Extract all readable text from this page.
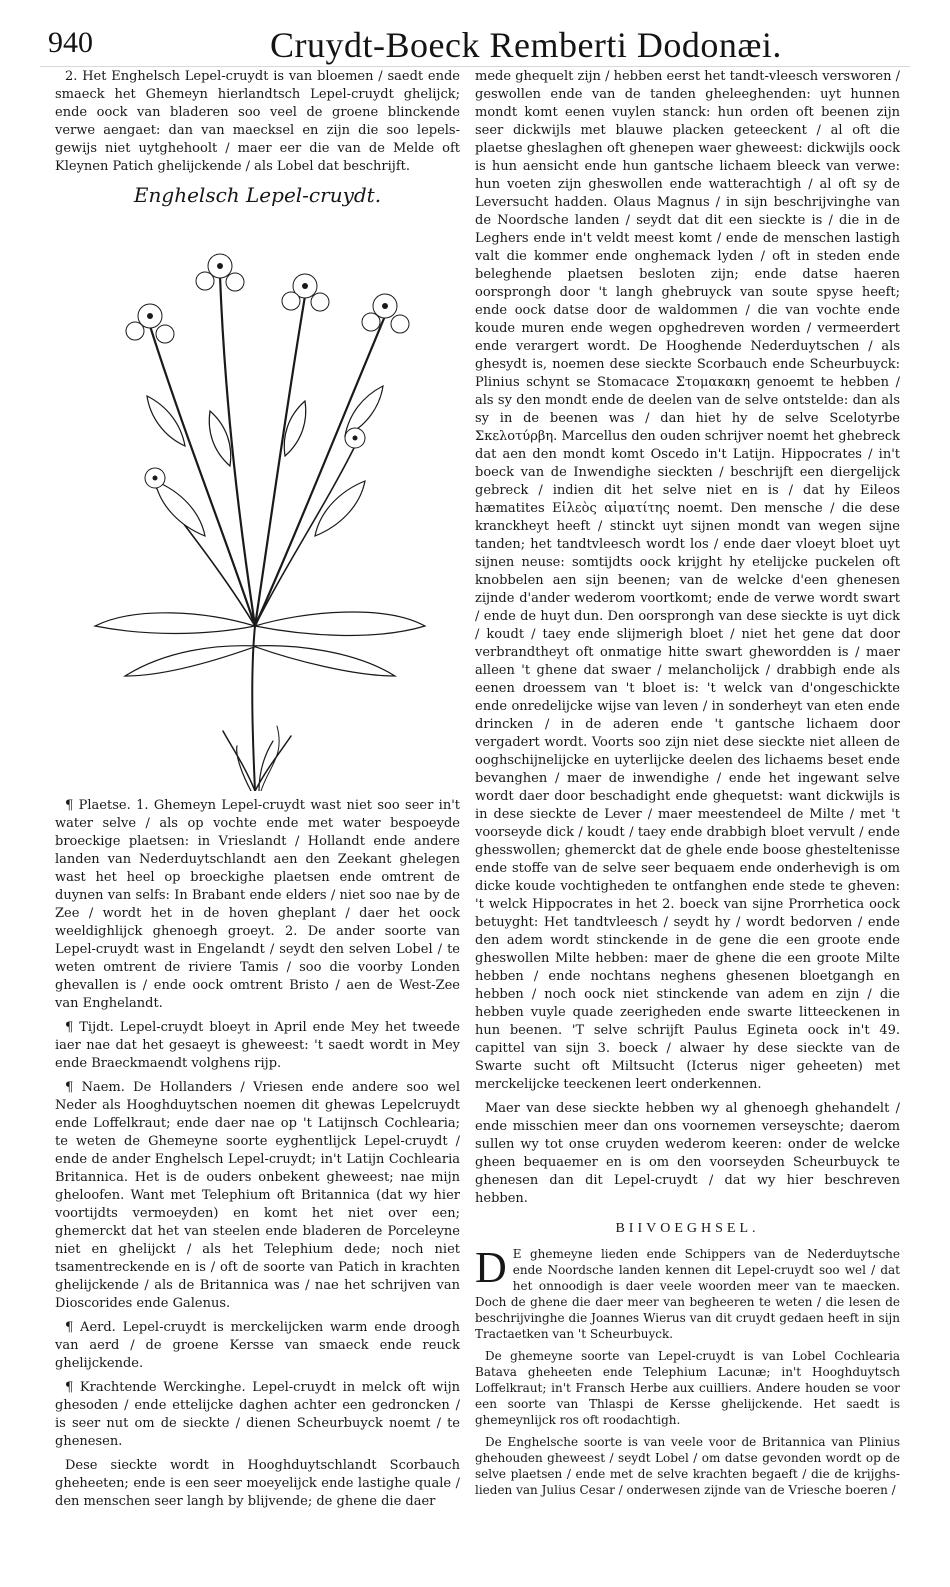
940	Cruydt-Boeck Remberti Dodonæi.

2. Het Enghelsch Lepel-cruydt is van bloemen / saedt ende smaeck het Ghemeyn hierlandtsch Lepel-cruydt ghelijck; ende oock van bladeren soo veel de groene blinckende verwe aengaet: dan van maecksel en zijn die soo lepels-gewijs niet uytghehoolt / maer eer die van de Melde oft Kleynen Patich ghelijckende / als Lobel dat beschrijft.

Enghelsch Lepel-cruydt.

¶ Plaetse. 1. Ghemeyn Lepel-cruydt wast niet soo seer in't water selve / als op vochte ende met water bespoeyde broeckige plaetsen: in Vrieslandt / Hollandt ende andere landen van Nederduytschlandt aen den Zeekant ghelegen wast het heel op broeckighe plaetsen ende omtrent de duynen van selfs: In Brabant ende elders / niet soo nae by de Zee / wordt het in de hoven gheplant / daer het oock weeldighlijck ghenoegh groeyt. 2. De ander soorte van Lepel-cruydt wast in Engelandt / seydt den selven Lobel / te weten omtrent de riviere Tamis / soo die voorby Londen ghevallen is / ende oock omtrent Bristo / aen de West-Zee van Enghelandt.

¶ Tijdt. Lepel-cruydt bloeyt in April ende Mey het tweede iaer nae dat het gesaeyt is gheweest: 't saedt wordt in Mey ende Braeckmaendt volghens rijp.

¶ Naem. De Hollanders / Vriesen ende andere soo wel Neder als Hooghduytschen noemen dit ghewas Lepelcruydt ende Loffelkraut; ende daer nae op 't Latijnsch Cochlearia; te weten de Ghemeyne soorte eyghentlijck Lepel-cruydt / ende de ander Enghelsch Lepel-cruydt; in't Latijn Cochlearia Britannica. Het is de ouders onbekent gheweest; nae mijn gheloofen. Want met Telephium oft Britannica (dat wy hier voortijdts vermoeyden) en komt het niet over een; ghemerckt dat het van steelen ende bladeren de Porceleyne niet en ghelijckt / als het Telephium dede; noch niet tsamentreckende en is / oft de soorte van Patich in krachten ghelijckende / als de Britannica was / nae het schrijven van Dioscorides ende Galenus.

¶ Aerd. Lepel-cruydt is merckelijcken warm ende droogh van aerd / de groene Kersse van smaeck ende reuck ghelijckende.

¶ Krachtende Werckinghe. Lepel-cruydt in melck oft wijn ghesoden / ende ettelijcke daghen achter een gedroncken / is seer nut om de sieckte / dienen Scheurbuyck noemt / te ghenesen.

Dese sieckte wordt in Hooghduytschlandt Scorbauch gheheeten; ende is een seer moeyelijck ende lastighe quale / den menschen seer langh by blijvende; de ghene die daer

mede ghequelt zijn / hebben eerst het tandt-vleesch versworen / geswollen ende van de tanden gheleeghenden: uyt hunnen mondt komt eenen vuylen stanck: hun orden oft beenen zijn seer dickwijls met blauwe placken geteeckent / al oft die plaetse gheslaghen oft ghenepen waer gheweest: dickwijls oock is hun aensicht ende hun gantsche lichaem bleeck van verwe: hun voeten zijn gheswollen ende watterachtigh / al oft sy de Leversucht hadden. Olaus Magnus / in sijn beschrijvinghe van de Noordsche landen / seydt dat dit een sieckte is / die in de Leghers ende in't veldt meest komt / ende de menschen lastigh valt die kommer ende onghemack lyden / oft in steden ende beleghende plaetsen besloten zijn; ende datse haeren oorsprongh door 't langh ghebruyck van soute spyse heeft; ende oock datse door de waldommen / die van vochte ende koude muren ende wegen opghedreven worden / vermeerdert ende verargert wordt. De Hooghende Nederduytschen / als ghesydt is, noemen dese sieckte Scorbauch ende Scheurbuyck: Plinius schynt se Stomacace Στομακακη genoemt te hebben / als sy den mondt ende de deelen van de selve ontstelde: dan als sy in de beenen was / dan hiet hy de selve Scelotyrbe Σκελοτύρβη. Marcellus den ouden schrijver noemt het ghebreck dat aen den mondt komt Oscedo in't Latijn. Hippocrates / in't boeck van de Inwendighe sieckten / beschrijft een diergelijck gebreck / indien dit het selve niet en is / dat hy Eileos hæmatites Εἰλεὸς αἱματίτης noemt. Den mensche / die dese kranckheyt heeft / stinckt uyt sijnen mondt van wegen sijne tanden; het tandtvleesch wordt los / ende daer vloeyt bloet uyt sijnen neuse: somtijdts oock krijght hy etelijcke puckelen oft knobbelen aen sijn beenen; van de welcke d'een ghenesen zijnde d'ander wederom voortkomt; ende de verwe wordt swart / ende de huyt dun. Den oorsprongh van dese sieckte is uyt dick / koudt / taey ende slijmerigh bloet / niet het gene dat door verbrandtheyt oft onmatige hitte swart ghewordden is / maer alleen 't ghene dat swaer / melancholijck / drabbigh ende als eenen droessem van 't bloet is: 't welck van d'ongeschickte ende onredelijcke wijse van leven / in sonderheyt van eten ende drincken / in de aderen ende 't gantsche lichaem door vergadert wordt. Voorts soo zijn niet dese sieckte niet alleen de ooghschijnelijcke en uyterlijcke deelen des lichaems beset ende bevanghen / maer de inwendighe / ende het ingewant selve wordt daer door beschadight ende ghequetst: want dickwijls is in dese sieckte de Lever / maer meestendeel de Milte / met 't voorseyde dick / koudt / taey ende drabbigh bloet vervult / ende ghesswollen; ghemerckt dat de ghele ende boose ghesteltenisse ende stoffe van de selve seer bequaem ende onderhevigh is om dicke koude vochtigheden te ontfanghen ende stede te gheven: 't welck Hippocrates in het 2. boeck van sijne Prorrhetica oock betuyght: Het tandtvleesch / seydt hy / wordt bedorven / ende den adem wordt stinckende in de gene die een groote ende gheswollen Milte hebben: maer de ghene die een groote Milte hebben / ende nochtans neghens ghesenen bloetgangh en hebben / noch oock niet stinckende van adem en zijn / die hebben vuyle quade zeerigheden ende swarte litteeckenen in hun beenen. 'T selve schrijft Paulus Egineta oock in't 49. capittel van sijn 3. boeck / alwaer hy dese sieckte van de Swarte sucht oft Miltsucht (Icterus niger geheeten) met merckelijcke teeckenen leert onderkennen.

Maer van dese sieckte hebben wy al ghenoegh ghehandelt / ende misschien meer dan ons voornemen verseyschte; daerom sullen wy tot onse cruyden wederom keeren: onder de welcke gheen bequaemer en is om den voorseyden Scheurbuyck te ghenesen dan dit Lepel-cruydt / dat wy hier beschreven hebben.

BIIVOEGHSEL.

D E ghemeyne lieden ende Schippers van de Nederduytsche ende Noordsche landen kennen dit Lepel-cruydt soo wel / dat het onnoodigh is daer veele woorden meer van te maecken. Doch de ghene die daer meer van begheeren te weten / die lesen de beschrijvinghe die Joannes Wierus van dit cruydt gedaen heeft in sijn Tractaetken van 't Scheurbuyck.

De ghemeyne soorte van Lepel-cruydt is van Lobel Cochlearia Batava gheheeten ende Telephium Lacunæ; in't Hooghduytsch Loffelkraut; in't Fransch Herbe aux cuilliers. Andere houden se voor een soorte van Thlaspi de Kersse ghelijckende. Het saedt is ghemeynlijck ros oft roodachtigh.

De Enghelsche soorte is van veele voor de Britannica van Plinius ghehouden gheweest / seydt Lobel / om datse gevonden wordt op de selve plaetsen / ende met de selve krachten begaeft / die de krijghs-lieden van Julius Cesar / onderwesen zijnde van de Vriesche boeren /
